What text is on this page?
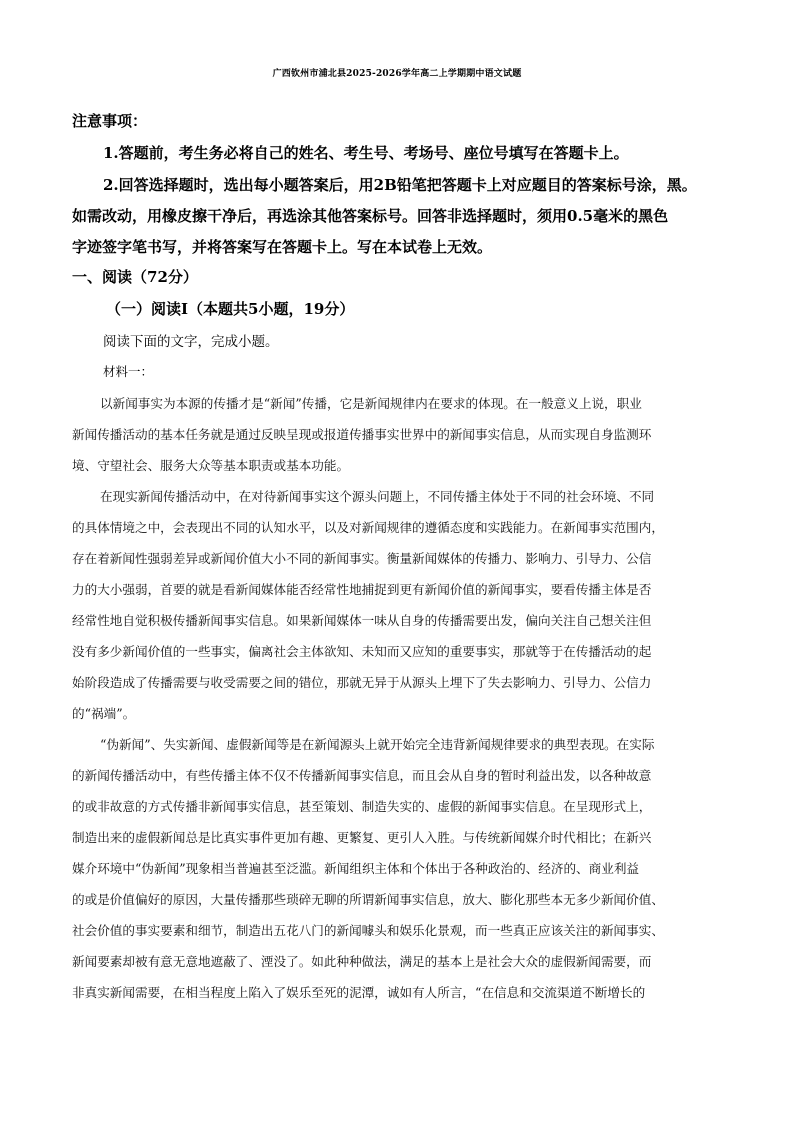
广西钦州市浦北县2025-2026学年高二上学期期中语文试题
注意事项：
1.答题前，考生务必将自己的姓名、考生号、考场号、座位号填写在答题卡上。
2.回答选择题时，选出每小题答案后，用2B铅笔把答题卡上对应题目的答案标号涂，黑。
如需改动，用橡皮擦干净后，再选涂其他答案标号。回答非选择题时，须用0.5毫米的黑色
字迹签字笔书写，并将答案写在答题卡上。写在本试卷上无效。
一、阅读（72分）
（一）阅读Ⅰ（本题共5小题，19分）
阅读下面的文字，完成小题。
材料一：
以新闻事实为本源的传播才是“新闻”传播，它是新闻规律内在要求的体现。在一般意义上说，职业
新闻传播活动的基本任务就是通过反映呈现或报道传播事实世界中的新闻事实信息，从而实现自身监测环
境、守望社会、服务大众等基本职责或基本功能。
在现实新闻传播活动中，在对待新闻事实这个源头问题上，不同传播主体处于不同的社会环境、不同
的具体情境之中，会表现出不同的认知水平，以及对新闻规律的遵循态度和实践能力。在新闻事实范围内，
存在着新闻性强弱差异或新闻价值大小不同的新闻事实。衡量新闻媒体的传播力、影响力、引导力、公信
力的大小强弱，首要的就是看新闻媒体能否经常性地捕捉到更有新闻价值的新闻事实，要看传播主体是否
经常性地自觉积极传播新闻事实信息。如果新闻媒体一味从自身的传播需要出发，偏向关注自己想关注但
没有多少新闻价值的一些事实，偏离社会主体欲知、未知而又应知的重要事实，那就等于在传播活动的起
始阶段造成了传播需要与收受需要之间的错位，那就无异于从源头上埋下了失去影响力、引导力、公信力
的“祸端”。
“伪新闻”、失实新闻、虚假新闻等是在新闻源头上就开始完全违背新闻规律要求的典型表现。在实际
的新闻传播活动中，有些传播主体不仅不传播新闻事实信息，而且会从自身的暂时利益出发，以各种故意
的或非故意的方式传播非新闻事实信息，甚至策划、制造失实的、虚假的新闻事实信息。在呈现形式上，
制造出来的虚假新闻总是比真实事件更加有趣、更繁复、更引人入胜。与传统新闻媒介时代相比；在新兴
媒介环境中“伪新闻”现象相当普遍甚至泛滥。新闻组织主体和个体出于各种政治的、经济的、商业利益
的或是价值偏好的原因，大量传播那些琐碎无聊的所谓新闻事实信息，放大、膨化那些本无多少新闻价值、
社会价值的事实要素和细节，制造出五花八门的新闻噱头和娱乐化景观，而一些真正应该关注的新闻事实、
新闻要素却被有意无意地遮蔽了、湮没了。如此种种做法，满足的基本上是社会大众的虚假新闻需要，而
非真实新闻需要，在相当程度上陷入了娱乐至死的泥潭，诚如有人所言，“在信息和交流渠道不断增长的
